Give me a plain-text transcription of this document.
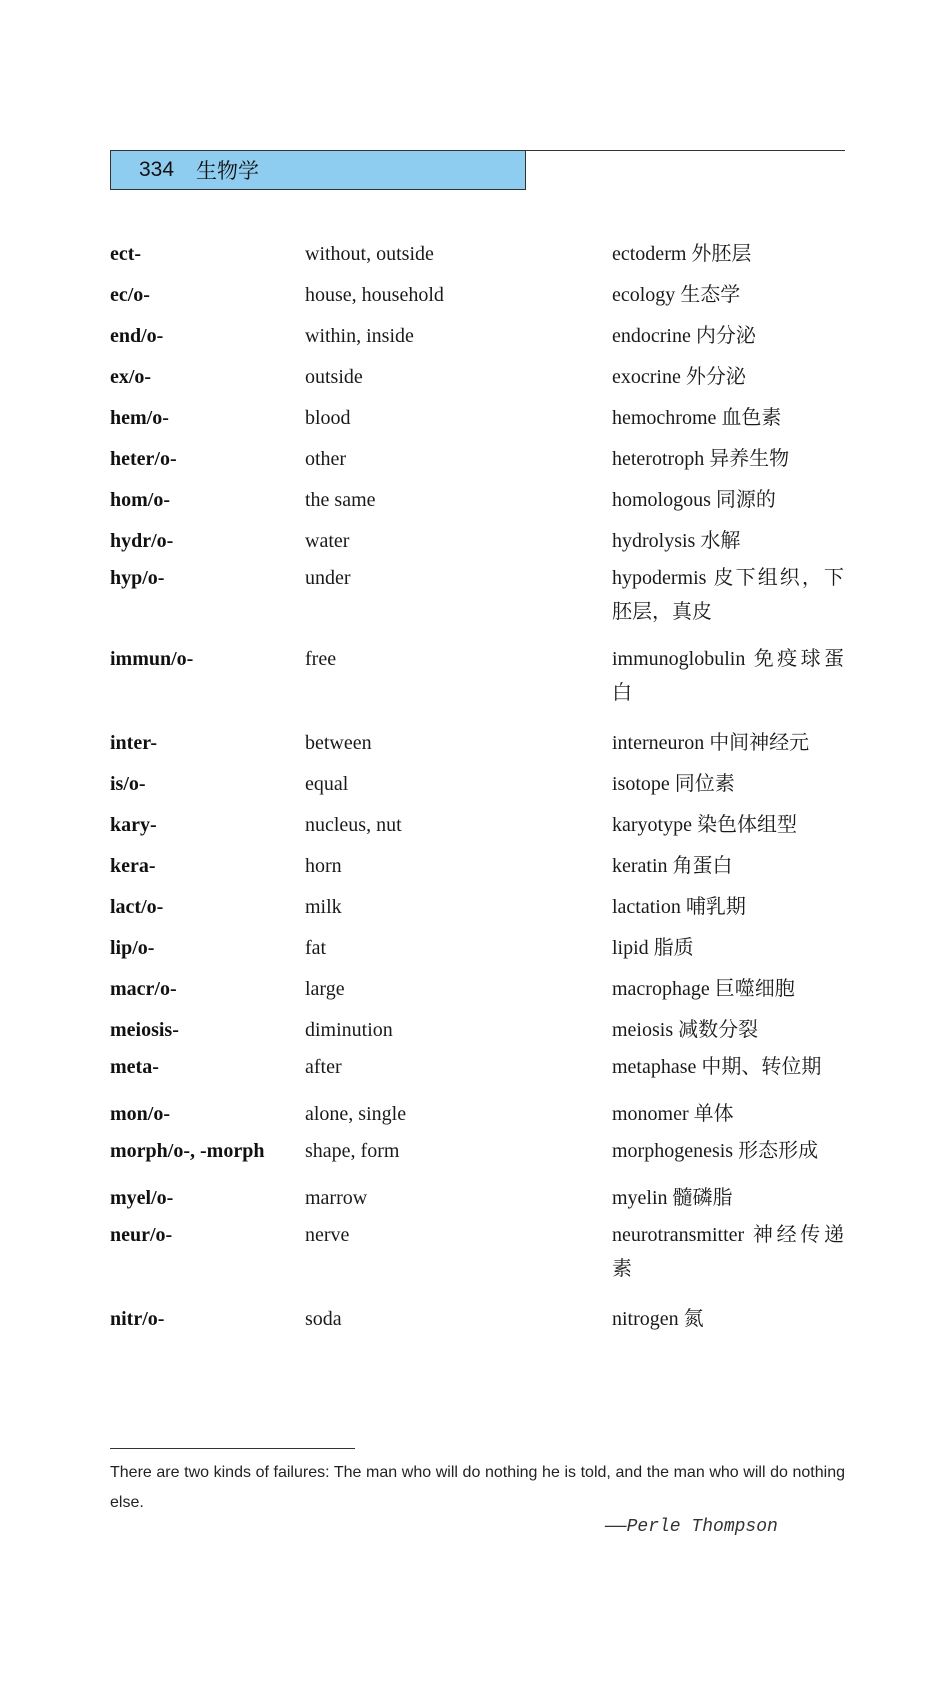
334 生物学
ect-	without, outside	ectoderm 外胚层
ec/o-	house, household	ecology 生态学
end/o-	within, inside	endocrine 内分泌
ex/o-	outside	exocrine 外分泌
hem/o-	blood	hemochrome 血色素
heter/o-	other	heterotroph 异养生物
hom/o-	the same	homologous 同源的
hydr/o-	water	hydrolysis 水解
hyp/o-	under	hypodermis 皮下组织，下胚层，真皮
immun/o-	free	immunoglobulin 免疫球蛋白
inter-	between	interneuron 中间神经元
is/o-	equal	isotope 同位素
kary-	nucleus, nut	karyotype 染色体组型
kera-	horn	keratin 角蛋白
lact/o-	milk	lactation 哺乳期
lip/o-	fat	lipid 脂质
macr/o-	large	macrophage 巨噬细胞
meiosis-	diminution	meiosis 减数分裂
meta-	after	metaphase 中期、转位期
mon/o-	alone, single	monomer 单体
morph/o-, -morph	shape, form	morphogenesis 形态形成
myel/o-	marrow	myelin 髓磷脂
neur/o-	nerve	neurotransmitter 神经传递素
nitr/o-	soda	nitrogen 氮
There are two kinds of failures: The man who will do nothing he is told, and the man who will do nothing else.
——Perle Thompson
